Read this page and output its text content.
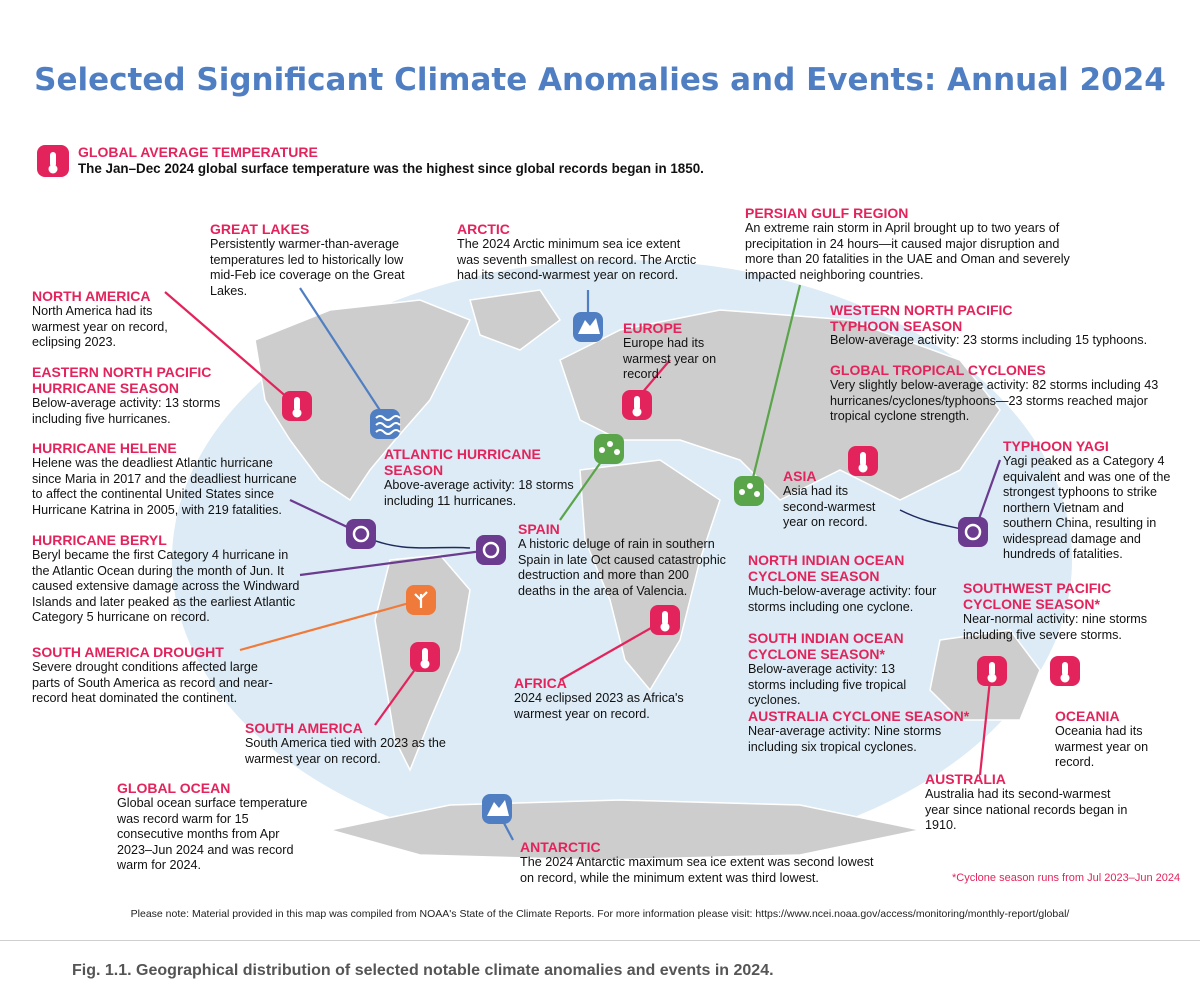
Selected Significant Climate Anomalies and Events: Annual 2024
GLOBAL AVERAGE TEMPERATURE
The Jan–Dec 2024 global surface temperature was the highest since global records began in 1850.
GREAT LAKES
Persistently warmer-than-average temperatures led to historically low mid-Feb ice coverage on the Great Lakes.
ARCTIC
The 2024 Arctic minimum sea ice extent was seventh smallest on record. The Arctic had its second-warmest year on record.
PERSIAN GULF REGION
An extreme rain storm in April brought up to two years of precipitation in 24 hours—it caused major disruption and more than 20 fatalities in the UAE and Oman and severely impacted neighboring countries.
NORTH AMERICA
North America had its warmest year on record, eclipsing 2023.
EUROPE
Europe had its warmest year on record.
WESTERN NORTH PACIFIC TYPHOON SEASON
Below-average activity: 23 storms including 15 typhoons.
EASTERN NORTH PACIFIC HURRICANE SEASON
Below-average activity: 13 storms including five hurricanes.
GLOBAL TROPICAL CYCLONES
Very slightly below-average activity: 82 storms including 43 hurricanes/cyclones/typhoons—23 storms reached major tropical cyclone strength.
HURRICANE HELENE
Helene was the deadliest Atlantic hurricane since Maria in 2017 and the deadliest hurricane to affect the continental United States since Hurricane Katrina in 2005, with 219 fatalities.
ATLANTIC HURRICANE SEASON
Above-average activity: 18 storms including 11 hurricanes.
ASIA
Asia had its second-warmest year on record.
TYPHOON YAGI
Yagi peaked as a Category 4 equivalent and was one of the strongest typhoons to strike northern Vietnam and southern China, resulting in widespread damage and hundreds of fatalities.
SPAIN
A historic deluge of rain in southern Spain in late Oct caused catastrophic destruction and more than 200 deaths in the area of Valencia.
HURRICANE BERYL
Beryl became the first Category 4 hurricane in the Atlantic Ocean during the month of Jun. It caused extensive damage across the Windward Islands and later peaked as the earliest Atlantic Category 5 hurricane on record.
NORTH INDIAN OCEAN CYCLONE SEASON
Much-below-average activity: four storms including one cyclone.
SOUTHWEST PACIFIC CYCLONE SEASON*
Near-normal activity: nine storms including five severe storms.
SOUTH AMERICA DROUGHT
Severe drought conditions affected large parts of South America as record and near-record heat dominated the continent.
SOUTH INDIAN OCEAN CYCLONE SEASON*
Below-average activity: 13 storms including five tropical cyclones.
AFRICA
2024 eclipsed 2023 as Africa's warmest year on record.
SOUTH AMERICA
South America tied with 2023 as the warmest year on record.
AUSTRALIA CYCLONE SEASON*
Near-average activity: Nine storms including six tropical cyclones.
OCEANIA
Oceania had its warmest year on record.
GLOBAL OCEAN
Global ocean surface temperature was record warm for 15 consecutive months from Apr 2023–Jun 2024 and was record warm for 2024.
AUSTRALIA
Australia had its second-warmest year since national records began in 1910.
ANTARCTIC
The 2024 Antarctic maximum sea ice extent was second lowest on record, while the minimum extent was third lowest.	*Cyclone season runs from Jul 2023–Jun 2024
Please note: Material provided in this map was compiled from NOAA's State of the Climate Reports. For more information please visit: https://www.ncei.noaa.gov/access/monitoring/monthly-report/global/
Fig. 1.1. Geographical distribution of selected notable climate anomalies and events in 2024.
